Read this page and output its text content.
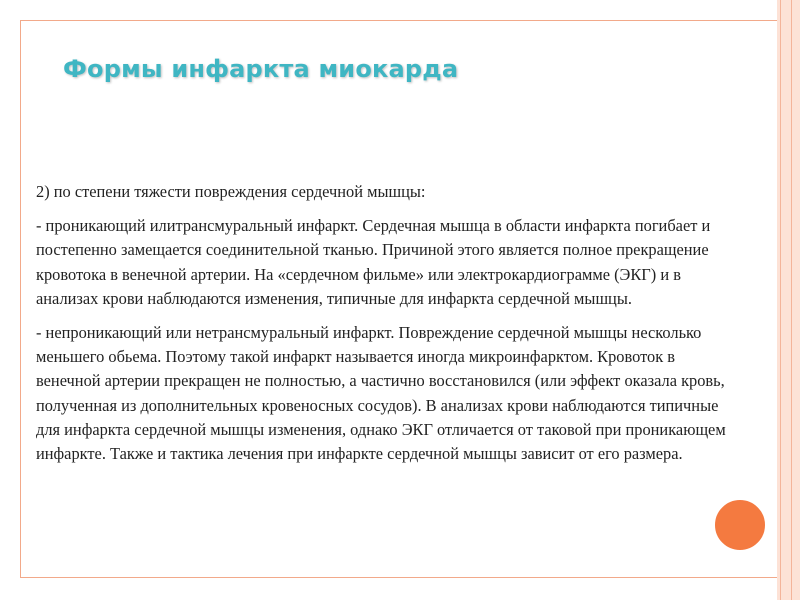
Формы инфаркта миокарда

2) по степени тяжести повреждения сердечной мышцы:

- проникающий илитрансмуральный инфаркт. Сердечная мышца в области инфаркта погибает и постепенно замещается соединительной тканью. Причиной этого является полное прекращение кровотока в венечной артерии. На «сердечном фильме» или электрокардиограмме (ЭКГ) и в анализах крови наблюдаются изменения, типичные для инфаркта сердечной мышцы.

- непроникающий или нетрансмуральный инфаркт. Повреждение сердечной мышцы несколько меньшего обьема. Поэтому такой инфаркт называется иногда микроинфарктом. Кровоток в венечной артерии прекращен не полностью, а частично восстановился (или эффект оказала кровь, полученная из дополнительных кровеносных сосудов). В анализах крови наблюдаются типичные для инфаркта сердечной мышцы изменения, однако ЭКГ отличается от таковой при проникающем инфаркте. Также и тактика лечения при инфаркте сердечной мышцы зависит от его размера.
